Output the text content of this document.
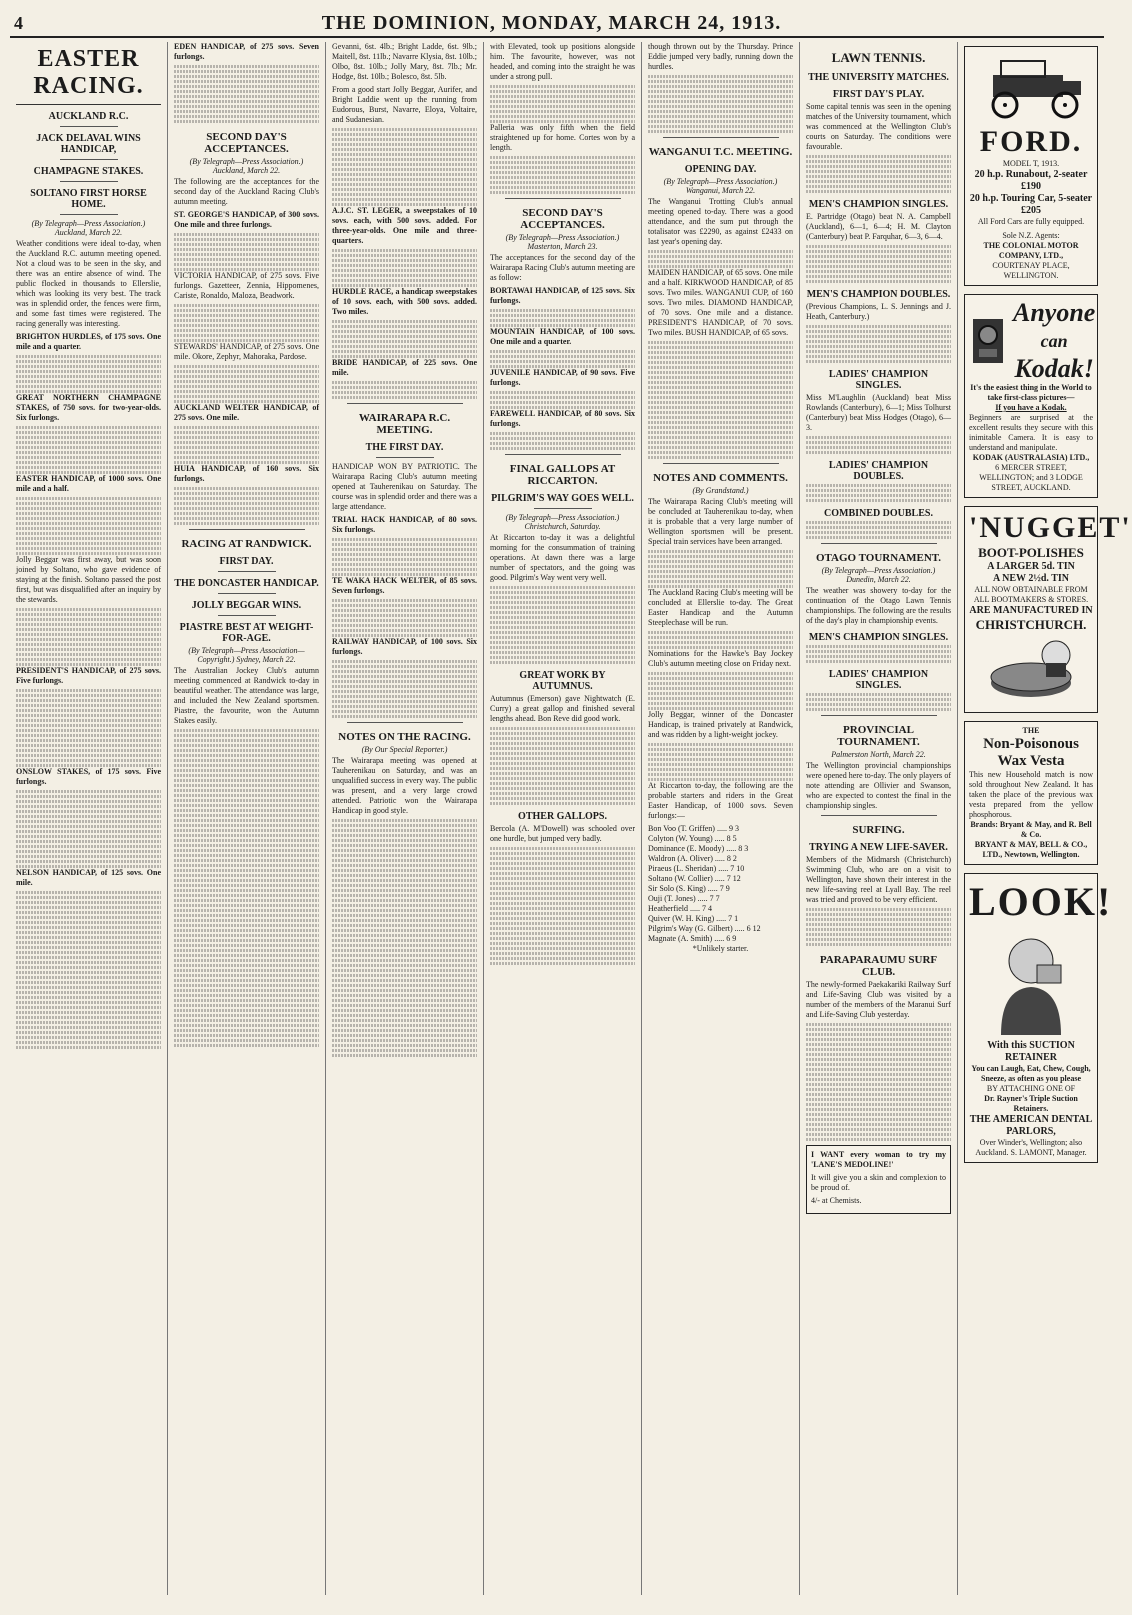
4	THE DOMINION, MONDAY, MARCH 24, 1913.
EASTER RACING.
AUCKLAND R.C.
JACK DELAVAL WINS HANDICAP,
CHAMPAGNE STAKES.
SOLTANO FIRST HORSE HOME.
(By Telegraph—Press Association.) Auckland, March 22.

Weather conditions were ideal to-day, when the Auckland R.C. autumn meeting opened. Not a cloud was to be seen in the sky, and there was an entire absence of wind. The public flocked in thousands to Ellerslie, which was looking its very best. The track was in splendid order, the fences were firm, and some fast times were registered. The racing generally was interesting.

BRIGHTON HURDLES, of 175 sovs. One mile and a quarter.

GREAT NORTHERN CHAMPAGNE STAKES, of 750 sovs. for two-year-olds. Six furlongs.

EASTER HANDICAP, of 1000 sovs. One mile and a half.

Jolly Beggar was first away, but was soon joined by Soltano, who gave evidence of staying at the finish. Soltano passed the post first, but was disqualified after an inquiry by the stewards.

PRESIDENT'S HANDICAP, of 275 sovs. Five furlongs.

ONSLOW STAKES, of 175 sovs. Five furlongs.

NELSON HANDICAP, of 125 sovs. One mile.

EDEN HANDICAP, of 275 sovs. Seven furlongs.

SECOND DAY'S ACCEPTANCES.
(By Telegraph—Press Association.) Auckland, March 22.

The following are the acceptances for the second day of the Auckland Racing Club's autumn meeting.

ST. GEORGE'S HANDICAP, of 300 sovs. One mile and three furlongs.

VICTORIA HANDICAP, of 275 sovs. Five furlongs. Gazetteer, Zennia, Hippomenes, Cariste, Ronaldo, Maloza, Beadwork.

STEWARDS' HANDICAP, of 275 sovs. One mile. Okore, Zephyr, Mahoraka, Pardose.

AUCKLAND WELTER HANDICAP, of 275 sovs. One mile.

HUIA HANDICAP, of 160 sovs. Six furlongs.

RACING AT RANDWICK.
FIRST DAY.
THE DONCASTER HANDICAP.
JOLLY BEGGAR WINS.
PIASTRE BEST AT WEIGHT-FOR-AGE.
(By Telegraph—Press Association—Copyright.) Sydney, March 22.

The Australian Jockey Club's autumn meeting commenced at Randwick to-day in beautiful weather. The attendance was large, and included the New Zealand sportsmen. Piastre, the favourite, won the Autumn Stakes easily.

Gevanni, 6st. 4lb.; Bright Ladde, 6st. 9lb.; Maitell, 8st. 11lb.; Navarre Klysia, 8st. 10lb.; Olbo, 8st. 10lb.; Jolly Mary, 8st. 7lb.; Mr. Hodge, 8st. 10lb.; Bolesco, 8st. 5lb.

From a good start Jolly Beggar, Aurifer, and Bright Laddie went up the running from Eudorous, Burst, Navarre, Eloya, Voltaire, and Sudanesian.

A.J.C. ST. LEGER, a sweepstakes of 10 sovs. each, with 500 sovs. added. For three-year-olds. One mile and three-quarters.

HURDLE RACE, a handicap sweepstakes of 10 sovs. each, with 500 sovs. added. Two miles.

BRIDE HANDICAP, of 225 sovs. One mile.

WAIRARAPA R.C. MEETING.
THE FIRST DAY.

HANDICAP WON BY PATRIOTIC. The Wairarapa Racing Club's autumn meeting opened at Tauherenikau on Saturday. The course was in splendid order and there was a large attendance.

TRIAL HACK HANDICAP, of 80 sovs. Six furlongs.

TE WAKA HACK WELTER, of 85 sovs. Seven furlongs.

RAILWAY HANDICAP, of 100 sovs. Six furlongs.

NOTES ON THE RACING.
(By Our Special Reporter.)

The Wairarapa meeting was opened at Tauherenikau on Saturday, and was an unqualified success in every way. The public was present, and a very large crowd attended. Patriotic won the Wairarapa Handicap in good style.

with Elevated, took up positions alongside him. The favourite, however, was not headed, and coming into the straight he was under a strong pull.

Palleria was only fifth when the field straightened up for home. Cortes won by a length.

SECOND DAY'S ACCEPTANCES.
(By Telegraph—Press Association.) Masterton, March 23.

The acceptances for the second day of the Wairarapa Racing Club's autumn meeting are as follow:

BORTAWAI HANDICAP, of 125 sovs. Six furlongs.

MOUNTAIN HANDICAP, of 100 sovs. One mile and a quarter.

JUVENILE HANDICAP, of 90 sovs. Five furlongs.

FAREWELL HANDICAP, of 80 sovs. Six furlongs.

FINAL GALLOPS AT RICCARTON.
PILGRIM'S WAY GOES WELL.
(By Telegraph—Press Association.) Christchurch, Saturday.

At Riccarton to-day it was a delightful morning for the consummation of training operations. At dawn there was a large number of spectators, and the going was good. Pilgrim's Way went very well.

GREAT WORK BY AUTUMNUS.

Autumnus (Emerson) gave Nightwatch (E. Curry) a great gallop and finished several lengths ahead. Bon Reve did good work.

OTHER GALLOPS.

Bercola (A. M'Dowell) was schooled over one hurdle, but jumped very badly.

though thrown out by the Thursday. Prince Eddie jumped very badly, running down the hurdles.

WANGANUI T.C. MEETING.
OPENING DAY.
(By Telegraph—Press Association.) Wanganui, March 22.

The Wanganui Trotting Club's annual meeting opened to-day. There was a good attendance, and the sum put through the totalisator was £2290, as against £2433 on last year's opening day.

MAIDEN HANDICAP, of 65 sovs. One mile and a half. KIRKWOOD HANDICAP, of 85 sovs. Two miles. WANGANUI CUP, of 160 sovs. Two miles. DIAMOND HANDICAP, of 70 sovs. One mile and a distance. PRESIDENT'S HANDICAP, of 70 sovs. Two miles. BUSH HANDICAP, of 65 sovs.

NOTES AND COMMENTS.
(By Grandstand.)

The Wairarapa Racing Club's meeting will be concluded at Tauherenikau to-day, when it is probable that a very large number of Wellington sportsmen will be present. Special train services have been arranged.

The Auckland Racing Club's meeting will be concluded at Ellerslie to-day. The Great Easter Handicap and the Autumn Steeplechase will be run.

Nominations for the Hawke's Bay Jockey Club's autumn meeting close on Friday next.

Jolly Beggar, winner of the Doncaster Handicap, is trained privately at Randwick, and was ridden by a light-weight jockey.

At Riccarton to-day, the following are the probable starters and riders in the Great Easter Handicap, of 1000 sovs. Seven furlongs:—

Bon Voo (T. Griffen) ..... 9 3
Colyton (W. Young) ..... 8 5
Dominance (E. Moody) ..... 8 3
Waldron (A. Oliver) ..... 8 2
Piraeus (L. Sheridan) ..... 7 10
Soltano (W. Collier) ..... 7 12
Sir Solo (S. King) ..... 7 9
Ouji (T. Jones) ..... 7 7
Heatherfield ..... 7 4
Quiver (W. H. King) ..... 7 1
Pilgrim's Way (G. Gilbert) ..... 6 12
Magnate (A. Smith) ..... 6 9

*Unlikely starter.

LAWN TENNIS.
THE UNIVERSITY MATCHES.
FIRST DAY'S PLAY.

Some capital tennis was seen in the opening matches of the University tournament, which was commenced at the Wellington Club's courts on Saturday. The conditions were favourable.

MEN'S CHAMPION SINGLES.

E. Partridge (Otago) beat N. A. Campbell (Auckland), 6—1, 6—4; H. M. Clayton (Canterbury) beat P. Farquhar, 6—3, 6—4.

MEN'S CHAMPION DOUBLES.

(Previous Champions, L. S. Jennings and J. Heath, Canterbury.)

LADIES' CHAMPION SINGLES.

Miss M'Laughlin (Auckland) beat Miss Rowlands (Canterbury), 6—1; Miss Tolhurst (Canterbury) beat Miss Hodges (Otago), 6—3.

LADIES' CHAMPION DOUBLES.
COMBINED DOUBLES.
OTAGO TOURNAMENT.
(By Telegraph—Press Association.) Dunedin, March 22.

The weather was showery to-day for the continuation of the Otago Lawn Tennis championships. The following are the results of the day's play in championship events.

MEN'S CHAMPION SINGLES.
LADIES' CHAMPION SINGLES.
PROVINCIAL TOURNAMENT.
Palmerston North, March 22.

The Wellington provincial championships were opened here to-day. The only players of note attending are Ollivier and Swanson, who are expected to contest the final in the championship singles.

SURFING.
TRYING A NEW LIFE-SAVER.

Members of the Midmarsh (Christchurch) Swimming Club, who are on a visit to Wellington, have shown their interest in the new life-saving reel at Lyall Bay. The reel was tried and proved to be very efficient.

PARAPARAUMU SURF CLUB.

The newly-formed Paekakariki Railway Surf and Life-Saving Club was visited by a number of the members of the Maranui Surf and Life-Saving Club yesterday.

I WANT every woman to try my 'LANE'S MEDOLINE!'

It will give you a skin and complexion to be proud of.

4/- at Chemists.

FORD.
MODEL T, 1913.
20 h.p. Runabout, 2-seater £190
20 h.p. Touring Car, 5-seater £205
All Ford Cars are fully equipped.
Sole N.Z. Agents:
THE COLONIAL MOTOR COMPANY, LTD.,
COURTENAY PLACE, WELLINGTON.
Anyone
can
Kodak!
It's the easiest thing in the World to take first-class pictures—
If you have a Kodak.
Beginners are surprised at the excellent results they secure with this inimitable Camera. It is easy to understand and manipulate.
KODAK (AUSTRALASIA) LTD.,
6 MERCER STREET, WELLINGTON; and 3 LODGE STREET, AUCKLAND.
'NUGGET'
BOOT-POLISHES
A LARGER 5d. TIN
A NEW 2½d. TIN
ALL NOW OBTAINABLE FROM ALL BOOTMAKERS & STORES.
ARE MANUFACTURED IN
CHRISTCHURCH.
THE
Non-Poisonous Wax Vesta
This new Household match is now sold throughout New Zealand. It has taken the place of the previous wax vesta prepared from the yellow phosphorous.
Brands: Bryant & May, and R. Bell & Co.
BRYANT & MAY, BELL & CO., LTD., Newtown, Wellington.
LOOK!
With this SUCTION RETAINER
You can Laugh, Eat, Chew, Cough, Sneeze, as often as you please
BY ATTACHING ONE OF
Dr. Rayner's Triple Suction Retainers.
THE AMERICAN DENTAL PARLORS,
Over Winder's, Wellington; also Auckland. S. LAMONT, Manager.
